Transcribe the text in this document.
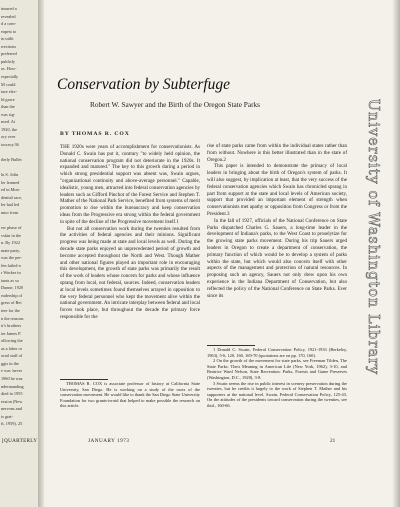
insured a
revealed
d a com-
eapest to
in utilit
rrections
preferred
publicly
as. How-
especially
M could
ture elec-
ld grace
than the
was sig-
nsed. At
1920, the
ory over
tocracy.36
tlerly Bullet
ln S. Jolin
ler learned
ed in Mon-
dential race,
ler had led
nnor from
ew phase of
vskin in the
n. By 1922
mate party,
was the per-
fen failed-a
r Worker in
tunts as so
Dunne, 1920
eadership of
gress of Rei
tere for the
n the reasons
ir's brothers
ter James P.
ollowing the
as a labor or
ortal staff of
ggis in the
e was 'never
1960 he was
ndermanding
died in 1955
ession (New
nervons and
ts grat-
ft, 1959), 25
Conservation by Subterfuge
Robert W. Sawyer and the Birth of the Oregon State Parks
BY THOMAS R. COX

THE 1920s were years of accomplishment for conservationists. As Donald C. Swain has put it, contrary "to widely held opinion, the national conservation program did not deteriorate in the 1920s. It expanded and matured." The key to this growth during a period in which strong presidential support was absent was, Swain argues, "organizational continuity and above-average personnel." Capable, idealistic, young men, attracted into federal conservation agencies by leaders such as Gifford Pinchot of the Forest Service and Stephen T. Mather of the National Park Service, benefited from systems of merit promotion to rise within the bureaucracy and keep conservation ideas from the Progressive era strong within the federal government in spite of the decline of the Progressive movement itself.1

But not all conservation work during the twenties resulted from the activities of federal agencies and their minions. Significant progress was being made at state and local levels as well. During the decade state parks enjoyed an unprecedented period of growth and become accepted throughout the North and West. Though Mather and other national figures played an important role in encouraging this development, the growth of state parks was primarily the result of the work of leaders whose concern for parks and whose influence sprang from local, not federal, sources. Indeed, conservation leaders at local levels sometimes found themselves arrayed in opposition to the very federal personnel who kept the movement alive within the national government. An intricate interplay between federal and local forces took place, but throughout the decade the primary force responsible for the

THOMAS R. COX is associate professor of history at California State University, San Diego. He is working on a study of the roots of the conservation movement. He would like to thank the San Diego State University Foundation for two grants-in-aid that helped to make possible the research on this article.

rise of state parks came from within the individual states rather than from without. Nowhere is this better illustrated than in the state of Oregon.2

This paper is intended to demonstrate the primacy of local leaders in bringing about the birth of Oregon's system of parks. It will also suggest, by implication at least, that the very success of the federal conservation agencies which Swain has chronicled sprang in part from support at the state and local levels of American society, support that provided an important element of strength when conservationists met apathy or opposition from Congress or from the President.3

In the fall of 1927, officials of the National Conference on State Parks dispatched Charles G. Sauers, a long-time leader in the development of Indiana's parks, to the West Coast to proselytize for the growing state parks movement. During his trip Sauers urged leaders in Oregon to create a department of conservation, the primary function of which would be to develop a system of parks within the state, but which would also concern itself with other aspects of the management and protection of natural resources. In proposing such an agency, Sauers not only drew upon his own experience in the Indiana Department of Conservation, but also reflected the policy of the National Conference on State Parks. Ever since its

1 Donald C. Swain, Federal Conservation Policy, 1921-1933 (Berkeley, 1963), 5-6, 120, 160, 169-70 (quotations are on pp. 170, 160).

2 On the growth of the movement for state parks, see Freeman Tilden, The State Parks: Their Meaning in American Life (New York, 1962), 3-10, and Beatrice Ward Nelson, State Recreation: Parks, Forests and Game Preserves (Washington, D.C., 1928), 3-8.

3 Swain seems the rise in public interest in scenery preservation during the twenties, but he credits it largely to the work of Stephen T. Mather and his supporters at the national level. Swain, Federal Conservation Policy, 125-43. On the attitudes of the presidents toward conservation during the twenties, see ibid., 160-66.

[QUARTERLY	JANUARY 1973	21
University of Washington Library
